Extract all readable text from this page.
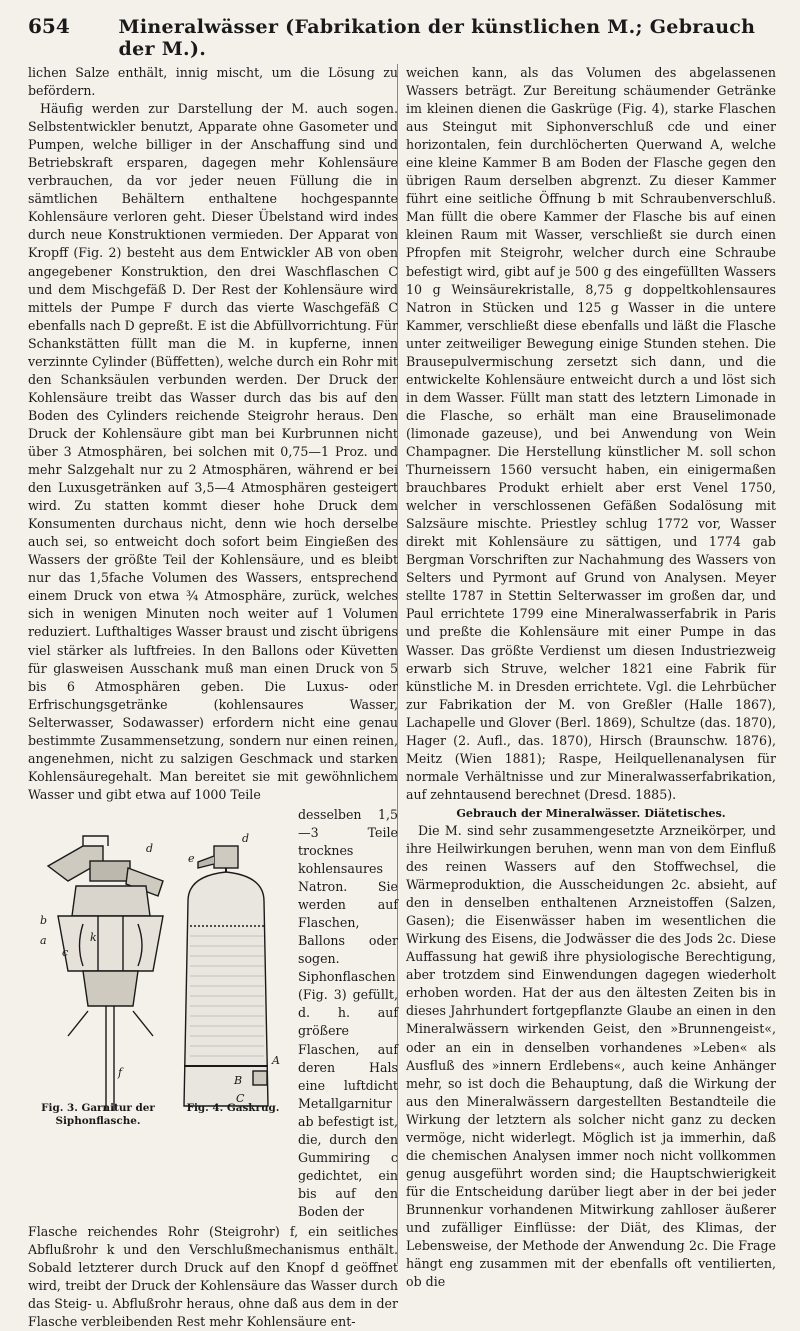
654	Mineralwässer (Fabrikation der künstlichen M.; Gebrauch der M.).

lichen Salze enthält, innig mischt, um die Lösung zu befördern.

Häufig werden zur Darstellung der M. auch sogen. Selbstentwickler benutzt, Apparate ohne Gasometer und Pumpen, welche billiger in der Anschaffung sind und Betriebskraft ersparen, dagegen mehr Kohlensäure verbrauchen, da vor jeder neuen Füllung die in sämtlichen Behältern enthaltene hochgespannte Kohlensäure verloren geht. Dieser Übelstand wird indes durch neue Konstruktionen vermieden. Der Apparat von Kropff (Fig. 2) besteht aus dem Entwickler AB von oben angegebener Konstruktion, den drei Waschflaschen C und dem Mischgefäß D. Der Rest der Kohlensäure wird mittels der Pumpe F durch das vierte Waschgefäß C ebenfalls nach D gepreßt. E ist die Abfüllvorrichtung. Für Schankstätten füllt man die M. in kupferne, innen verzinnte Cylinder (Büffetten), welche durch ein Rohr mit den Schanksäulen verbunden werden. Der Druck der Kohlensäure treibt das Wasser durch das bis auf den Boden des Cylinders reichende Steigrohr heraus. Den Druck der Kohlensäure gibt man bei Kurbrunnen nicht über 3 Atmosphären, bei solchen mit 0,75—1 Proz. und mehr Salzgehalt nur zu 2 Atmosphären, während er bei den Luxusgetränken auf 3,5—4 Atmosphären gesteigert wird. Zu statten kommt dieser hohe Druck dem Konsumenten durchaus nicht, denn wie hoch derselbe auch sei, so entweicht doch sofort beim Eingießen des Wassers der größte Teil der Kohlensäure, und es bleibt nur das 1,5fache Volumen des Wassers, entsprechend einem Druck von etwa ¾ Atmosphäre, zurück, welches sich in wenigen Minuten noch weiter auf 1 Volumen reduziert. Lufthaltiges Wasser braust und zischt übrigens viel stärker als luftfreies. In den Ballons oder Küvetten für glasweisen Ausschank muß man einen Druck von 5 bis 6 Atmosphären geben. Die Luxus- oder Erfrischungsgetränke (kohlensaures Wasser, Selterwasser, Sodawasser) erfordern nicht eine genau bestimmte Zusammensetzung, sondern nur einen reinen, angenehmen, nicht zu salzigen Geschmack und starken Kohlensäuregehalt. Man bereitet sie mit gewöhnlichem Wasser und gibt etwa auf 1000 Teile

d
b
a
c
k
f
d
e
A
B
C
Fig. 3. Garnitur der Siphonflasche.
Fig. 4. Gaskrug.
desselben 1,5—3 Teile trocknes kohlensaures Natron. Sie werden auf Flaschen, Ballons oder sogen. Siphonflaschen (Fig. 3) gefüllt, d. h. auf größere Flaschen, auf deren Hals eine luftdicht Metallgarnitur ab befestigt ist, die, durch den Gummiring c gedichtet, ein bis auf den Boden der

Flasche reichendes Rohr (Steigrohr) f, ein seitliches Abflußrohr k und den Verschlußmechanismus enthält. Sobald letzterer durch Druck auf den Knopf d geöffnet wird, treibt der Druck der Kohlensäure das Wasser durch das Steig- u. Abflußrohr heraus, ohne daß aus dem in der Flasche verbleibenden Rest mehr Kohlensäure ent-

weichen kann, als das Volumen des abgelassenen Wassers beträgt. Zur Bereitung schäumender Getränke im kleinen dienen die Gaskrüge (Fig. 4), starke Flaschen aus Steingut mit Siphonverschluß cde und einer horizontalen, fein durchlöcherten Querwand A, welche eine kleine Kammer B am Boden der Flasche gegen den übrigen Raum derselben abgrenzt. Zu dieser Kammer führt eine seitliche Öffnung b mit Schraubenverschluß. Man füllt die obere Kammer der Flasche bis auf einen kleinen Raum mit Wasser, verschließt sie durch einen Pfropfen mit Steigrohr, welcher durch eine Schraube befestigt wird, gibt auf je 500 g des eingefüllten Wassers 10 g Weinsäurekristalle, 8,75 g doppeltkohlensaures Natron in Stücken und 125 g Wasser in die untere Kammer, verschließt diese ebenfalls und läßt die Flasche unter zeitweiliger Bewegung einige Stunden stehen. Die Brausepulvermischung zersetzt sich dann, und die entwickelte Kohlensäure entweicht durch a und löst sich in dem Wasser. Füllt man statt des letztern Limonade in die Flasche, so erhält man eine Brauselimonade (limonade gazeuse), und bei Anwendung von Wein Champagner. Die Herstellung künstlicher M. soll schon Thurneissern 1560 versucht haben, ein einigermaßen brauchbares Produkt erhielt aber erst Venel 1750, welcher in verschlossenen Gefäßen Sodalösung mit Salzsäure mischte. Priestley schlug 1772 vor, Wasser direkt mit Kohlensäure zu sättigen, und 1774 gab Bergman Vorschriften zur Nachahmung des Wassers von Selters und Pyrmont auf Grund von Analysen. Meyer stellte 1787 in Stettin Selterwasser im großen dar, und Paul errichtete 1799 eine Mineralwasserfabrik in Paris und preßte die Kohlensäure mit einer Pumpe in das Wasser. Das größte Verdienst um diesen Industriezweig erwarb sich Struve, welcher 1821 eine Fabrik für künstliche M. in Dresden errichtete. Vgl. die Lehrbücher zur Fabrikation der M. von Greßler (Halle 1867), Lachapelle und Glover (Berl. 1869), Schultze (das. 1870), Hager (2. Aufl., das. 1870), Hirsch (Braunschw. 1876), Meitz (Wien 1881); Raspe, Heilquellenanalysen für normale Verhältnisse und zur Mineralwasserfabrikation, auf zehntausend berechnet (Dresd. 1885).

Gebrauch der Mineralwässer. Diätetisches.

Die M. sind sehr zusammengesetzte Arzneikörper, und ihre Heilwirkungen beruhen, wenn man von dem Einfluß des reinen Wassers auf den Stoffwechsel, die Wärmeproduktion, die Ausscheidungen 2c. absieht, auf den in denselben enthaltenen Arzneistoffen (Salzen, Gasen); die Eisenwässer haben im wesentlichen die Wirkung des Eisens, die Jodwässer die des Jods 2c. Diese Auffassung hat gewiß ihre physiologische Berechtigung, aber trotzdem sind Einwendungen dagegen wiederholt erhoben worden. Hat der aus den ältesten Zeiten bis in dieses Jahrhundert fortgepflanzte Glaube an einen in den Mineralwässern wirkenden Geist, den »Brunnengeist«, oder an ein in denselben vorhandenes »Leben« als Ausfluß des »innern Erdlebens«, auch keine Anhänger mehr, so ist doch die Behauptung, daß die Wirkung der aus den Mineralwässern dargestellten Bestandteile die Wirkung der letztern als solcher nicht ganz zu decken vermöge, nicht widerlegt. Möglich ist ja immerhin, daß die chemischen Analysen immer noch nicht vollkommen genug ausgeführt worden sind; die Hauptschwierigkeit für die Entscheidung darüber liegt aber in der bei jeder Brunnenkur vorhandenen Mitwirkung zahlloser äußerer und zufälliger Einflüsse: der Diät, des Klimas, der Lebensweise, der Methode der Anwendung 2c. Die Frage hängt eng zusammen mit der ebenfalls oft ventilierten, ob die
